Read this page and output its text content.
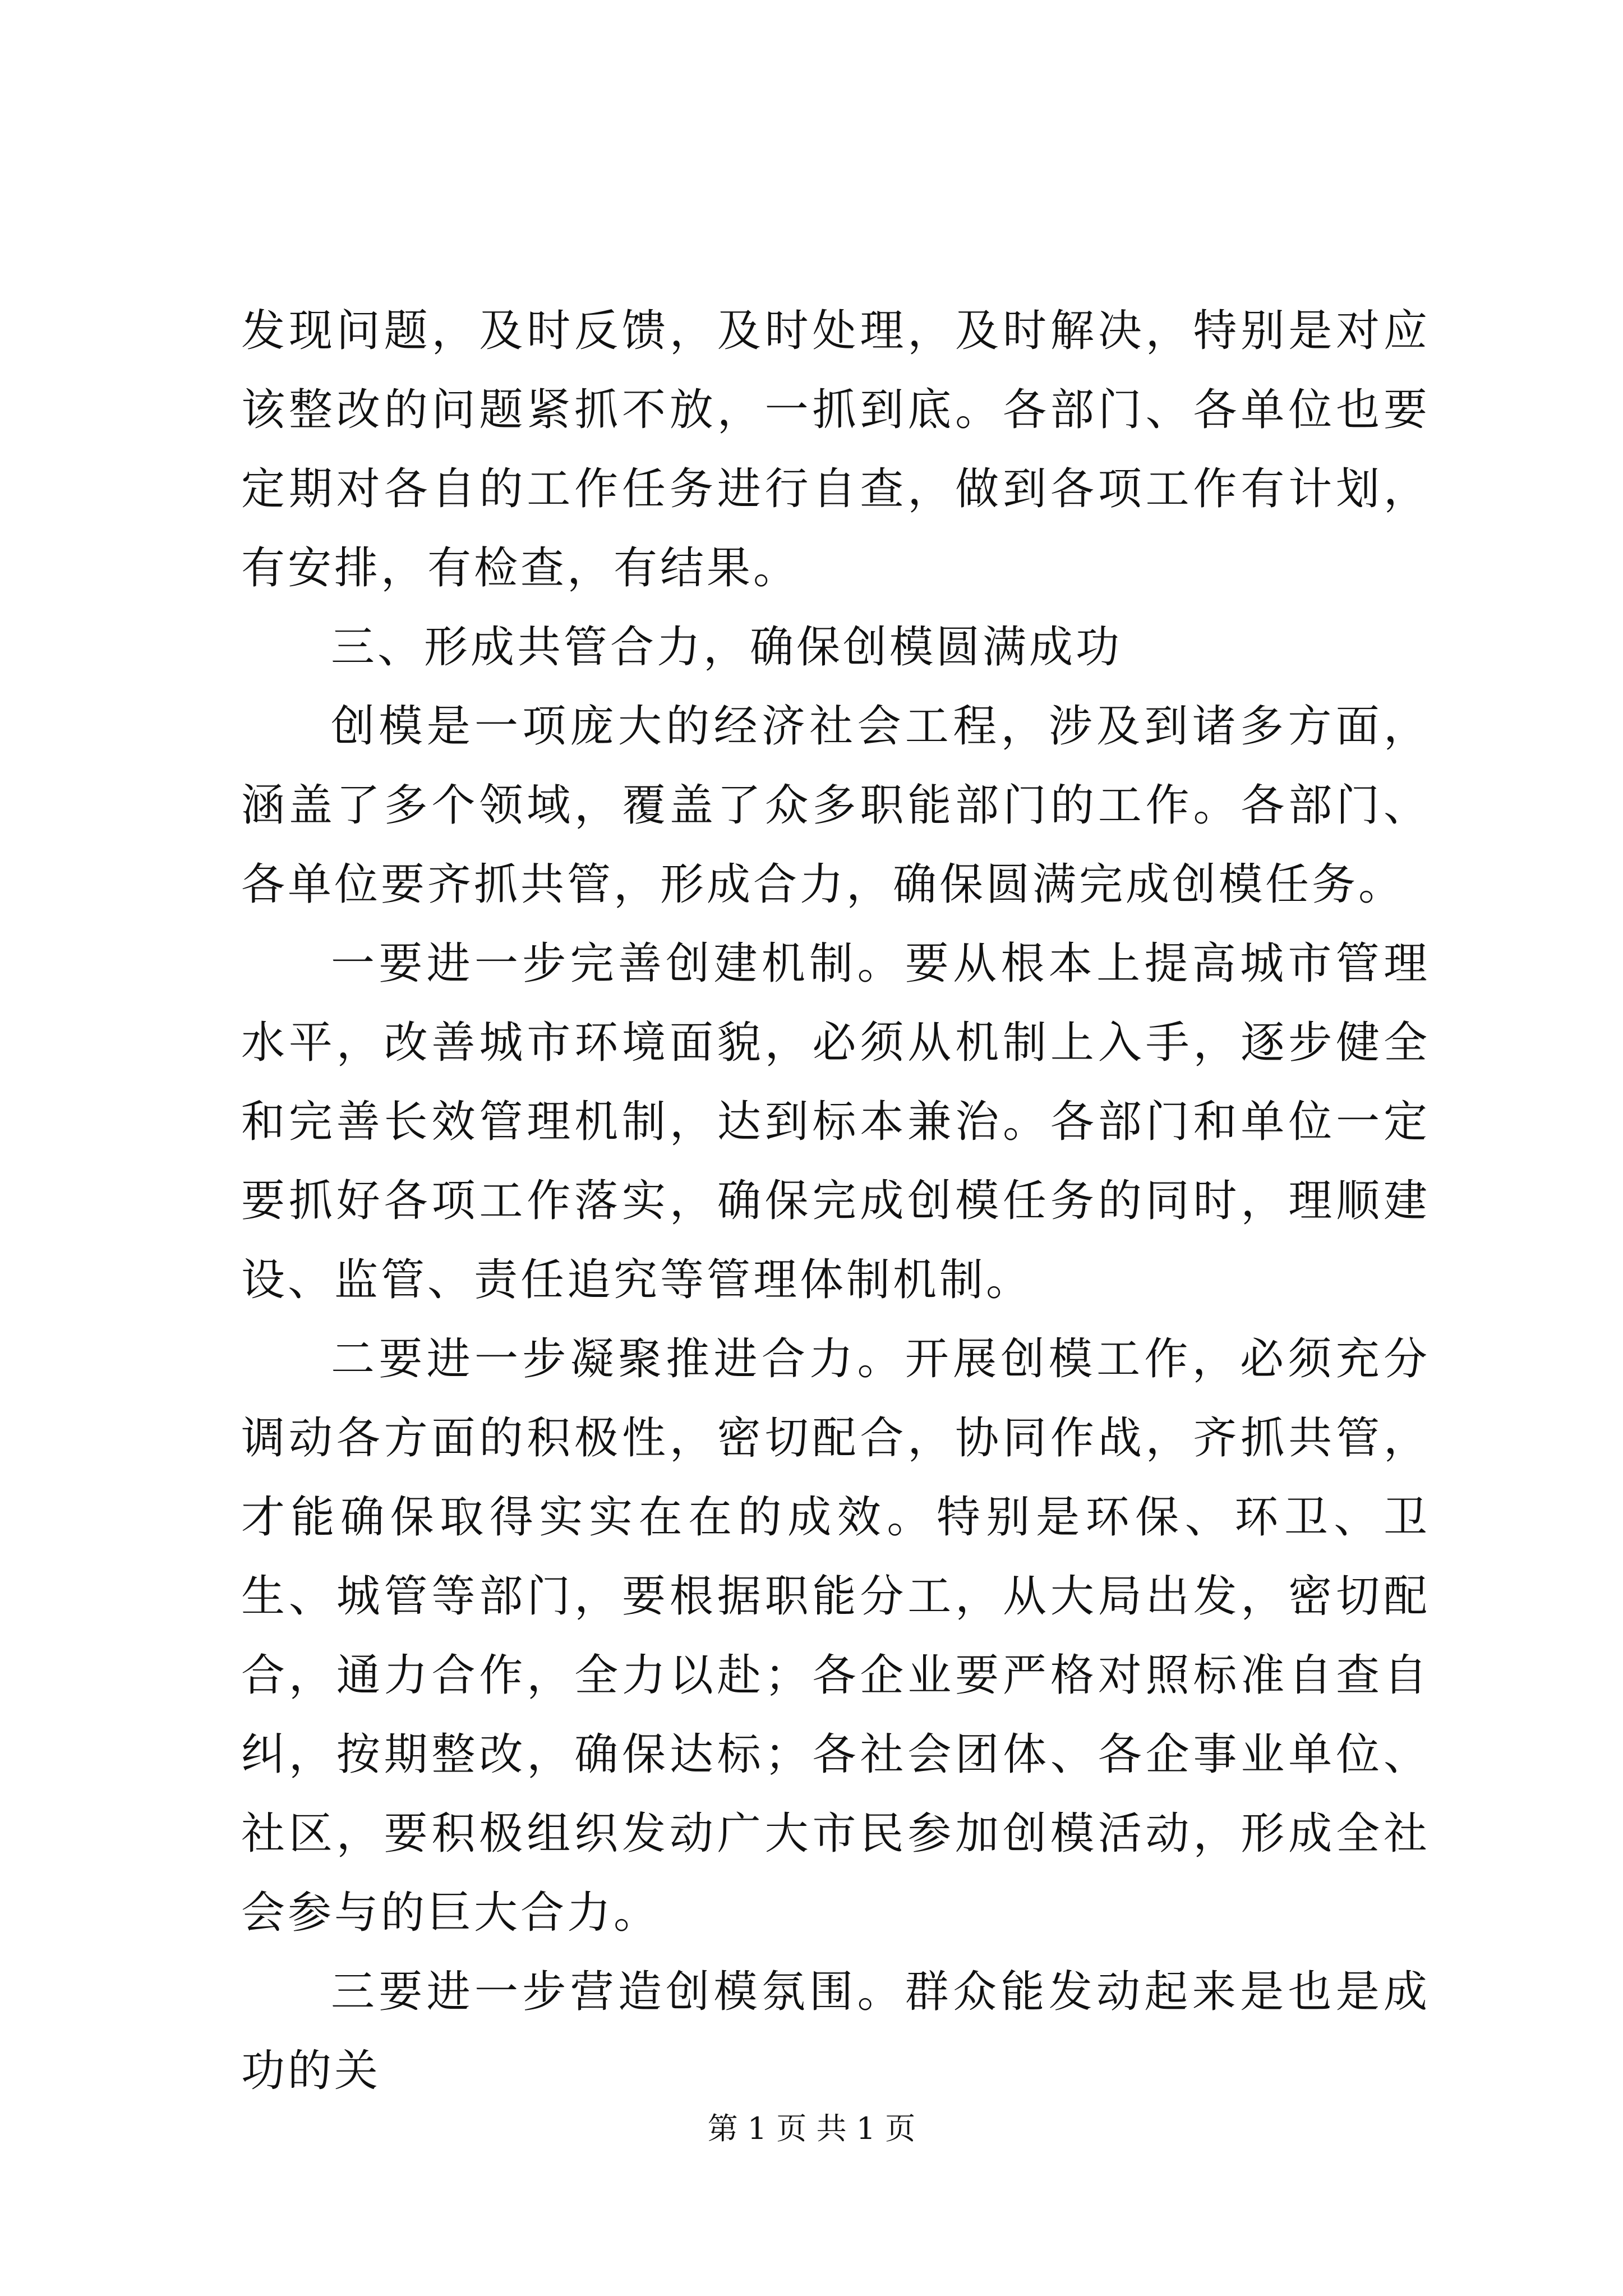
发现问题，及时反馈，及时处理，及时解决，特别是对应该整改的问题紧抓不放，一抓到底。各部门、各单位也要定期对各自的工作任务进行自查，做到各项工作有计划，有安排，有检查，有结果。

三、形成共管合力，确保创模圆满成功

创模是一项庞大的经济社会工程，涉及到诸多方面，涵盖了多个领域，覆盖了众多职能部门的工作。各部门、各单位要齐抓共管，形成合力，确保圆满完成创模任务。

一要进一步完善创建机制。要从根本上提高城市管理水平，改善城市环境面貌，必须从机制上入手，逐步健全和完善长效管理机制，达到标本兼治。各部门和单位一定要抓好各项工作落实，确保完成创模任务的同时，理顺建设、监管、责任追究等管理体制机制。

二要进一步凝聚推进合力。开展创模工作，必须充分调动各方面的积极性，密切配合，协同作战，齐抓共管，才能确保取得实实在在的成效。特别是环保、环卫、卫生、城管等部门，要根据职能分工，从大局出发，密切配合，通力合作，全力以赴；各企业要严格对照标准自查自纠，按期整改，确保达标；各社会团体、各企事业单位、社区，要积极组织发动广大市民参加创模活动，形成全社会参与的巨大合力。

三要进一步营造创模氛围。群众能发动起来是也是成功的关

第 1 页 共 1 页
